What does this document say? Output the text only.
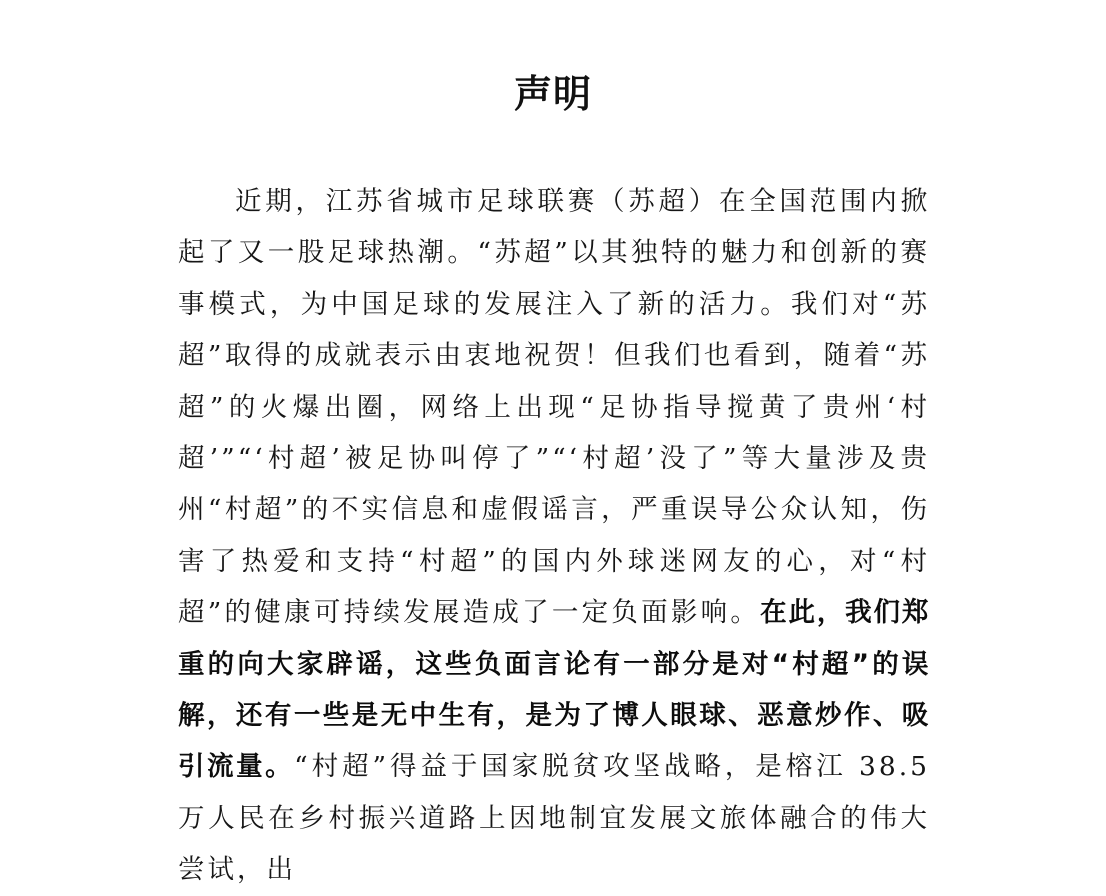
声明

近期，江苏省城市足球联赛（苏超）在全国范围内掀起了又一股足球热潮。“苏超”以其独特的魅力和创新的赛事模式，为中国足球的发展注入了新的活力。我们对“苏超”取得的成就表示由衷地祝贺！但我们也看到，随着“苏超”的火爆出圈，网络上出现“足协指导搅黄了贵州‘村超’”“‘村超’被足协叫停了”“‘村超’没了”等大量涉及贵州“村超”的不实信息和虚假谣言，严重误导公众认知，伤害了热爱和支持“村超”的国内外球迷网友的心，对“村超”的健康可持续发展造成了一定负面影响。在此，我们郑重的向大家辟谣，这些负面言论有一部分是对“村超”的误解，还有一些是无中生有，是为了博人眼球、恶意炒作、吸引流量。“村超”得益于国家脱贫攻坚战略，是榕江 38.5 万人民在乡村振兴道路上因地制宜发展文旅体融合的伟大尝试，出
